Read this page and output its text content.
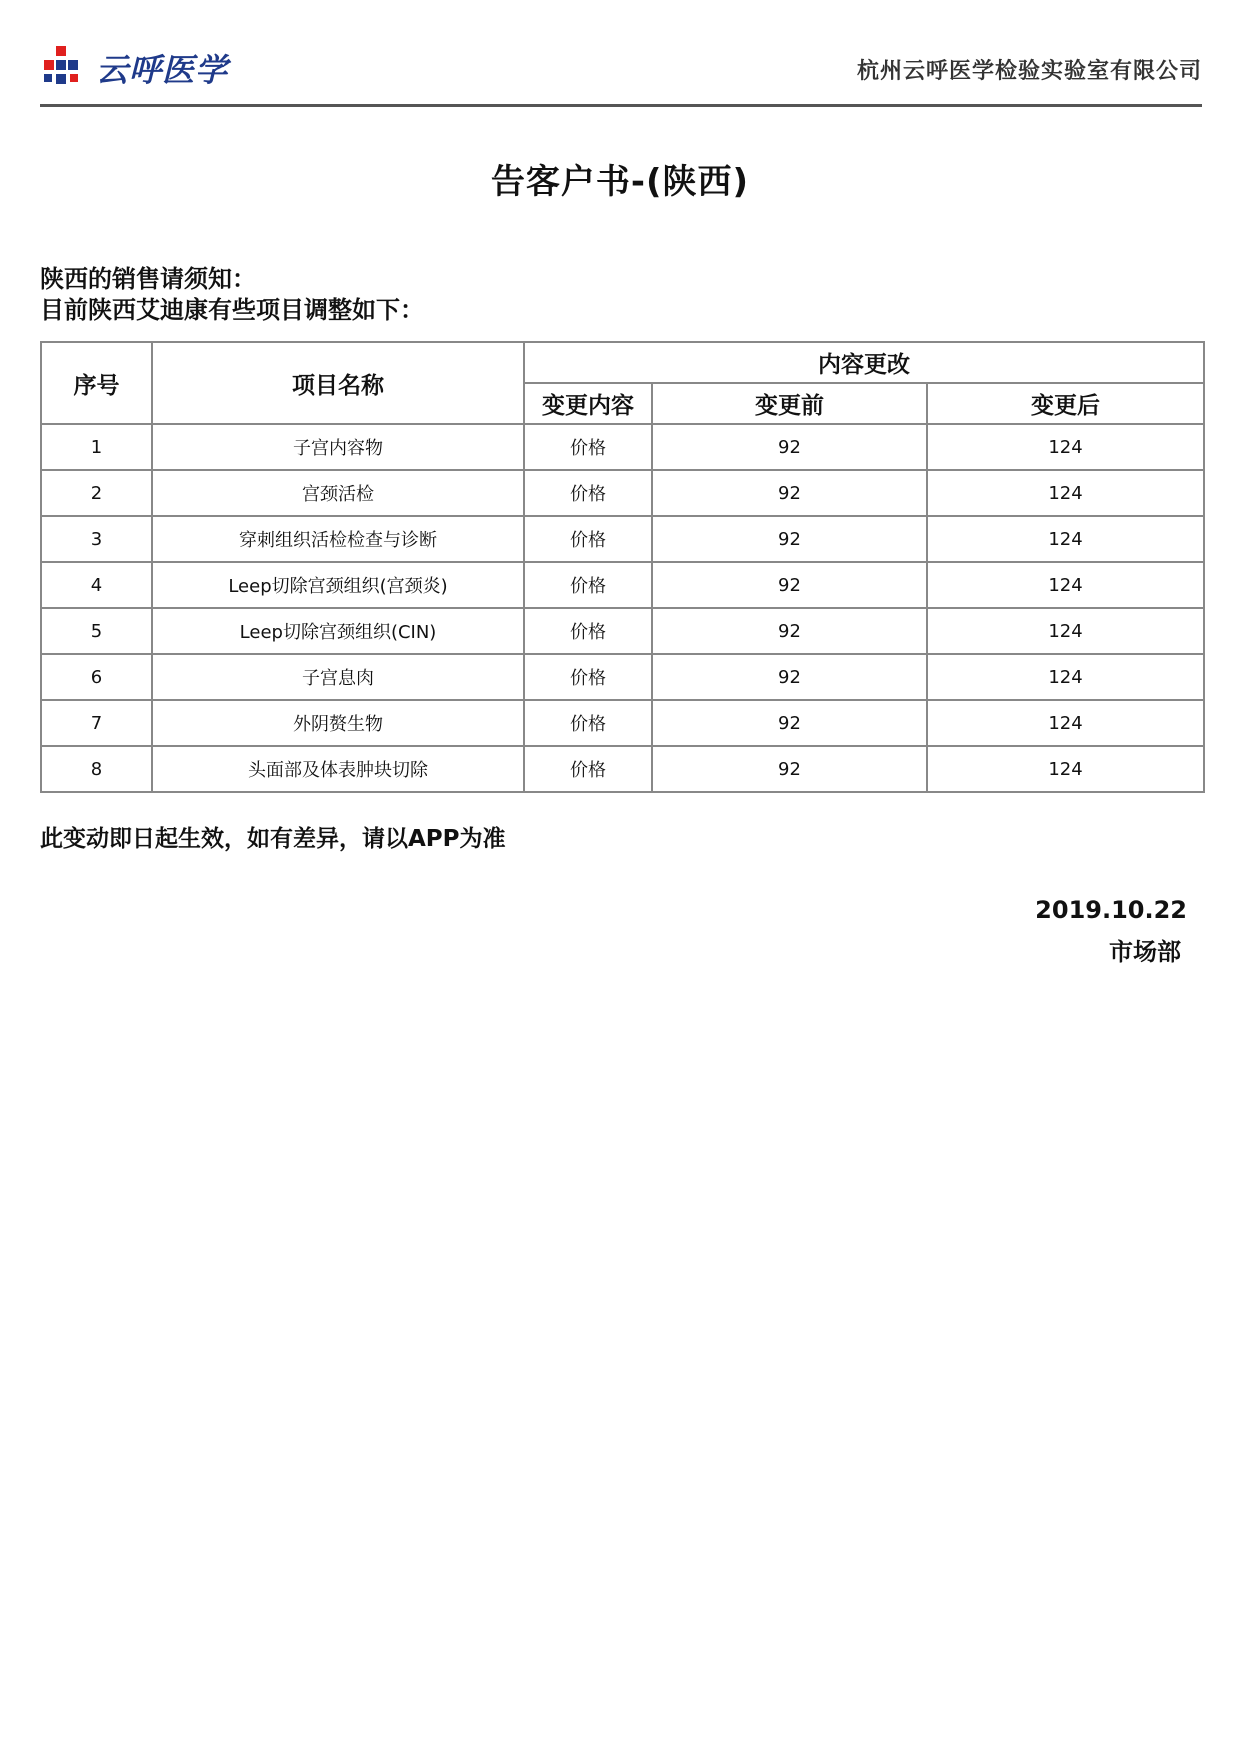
云呼医学	杭州云呼医学检验实验室有限公司
告客户书-(陕西)
陕西的销售请须知：
目前陕西艾迪康有些项目调整如下：
序号	项目名称	内容更改		
		变更内容	变更前	变更后
1	子宫内容物	价格	92	124
2	宫颈活检	价格	92	124
3	穿刺组织活检检查与诊断	价格	92	124
4	Leep切除宫颈组织(宫颈炎)	价格	92	124
5	Leep切除宫颈组织(CIN)	价格	92	124
6	子宫息肉	价格	92	124
7	外阴赘生物	价格	92	124
8	头面部及体表肿块切除	价格	92	124
此变动即日起生效，如有差异，请以APP为准
2019.10.22
市场部
